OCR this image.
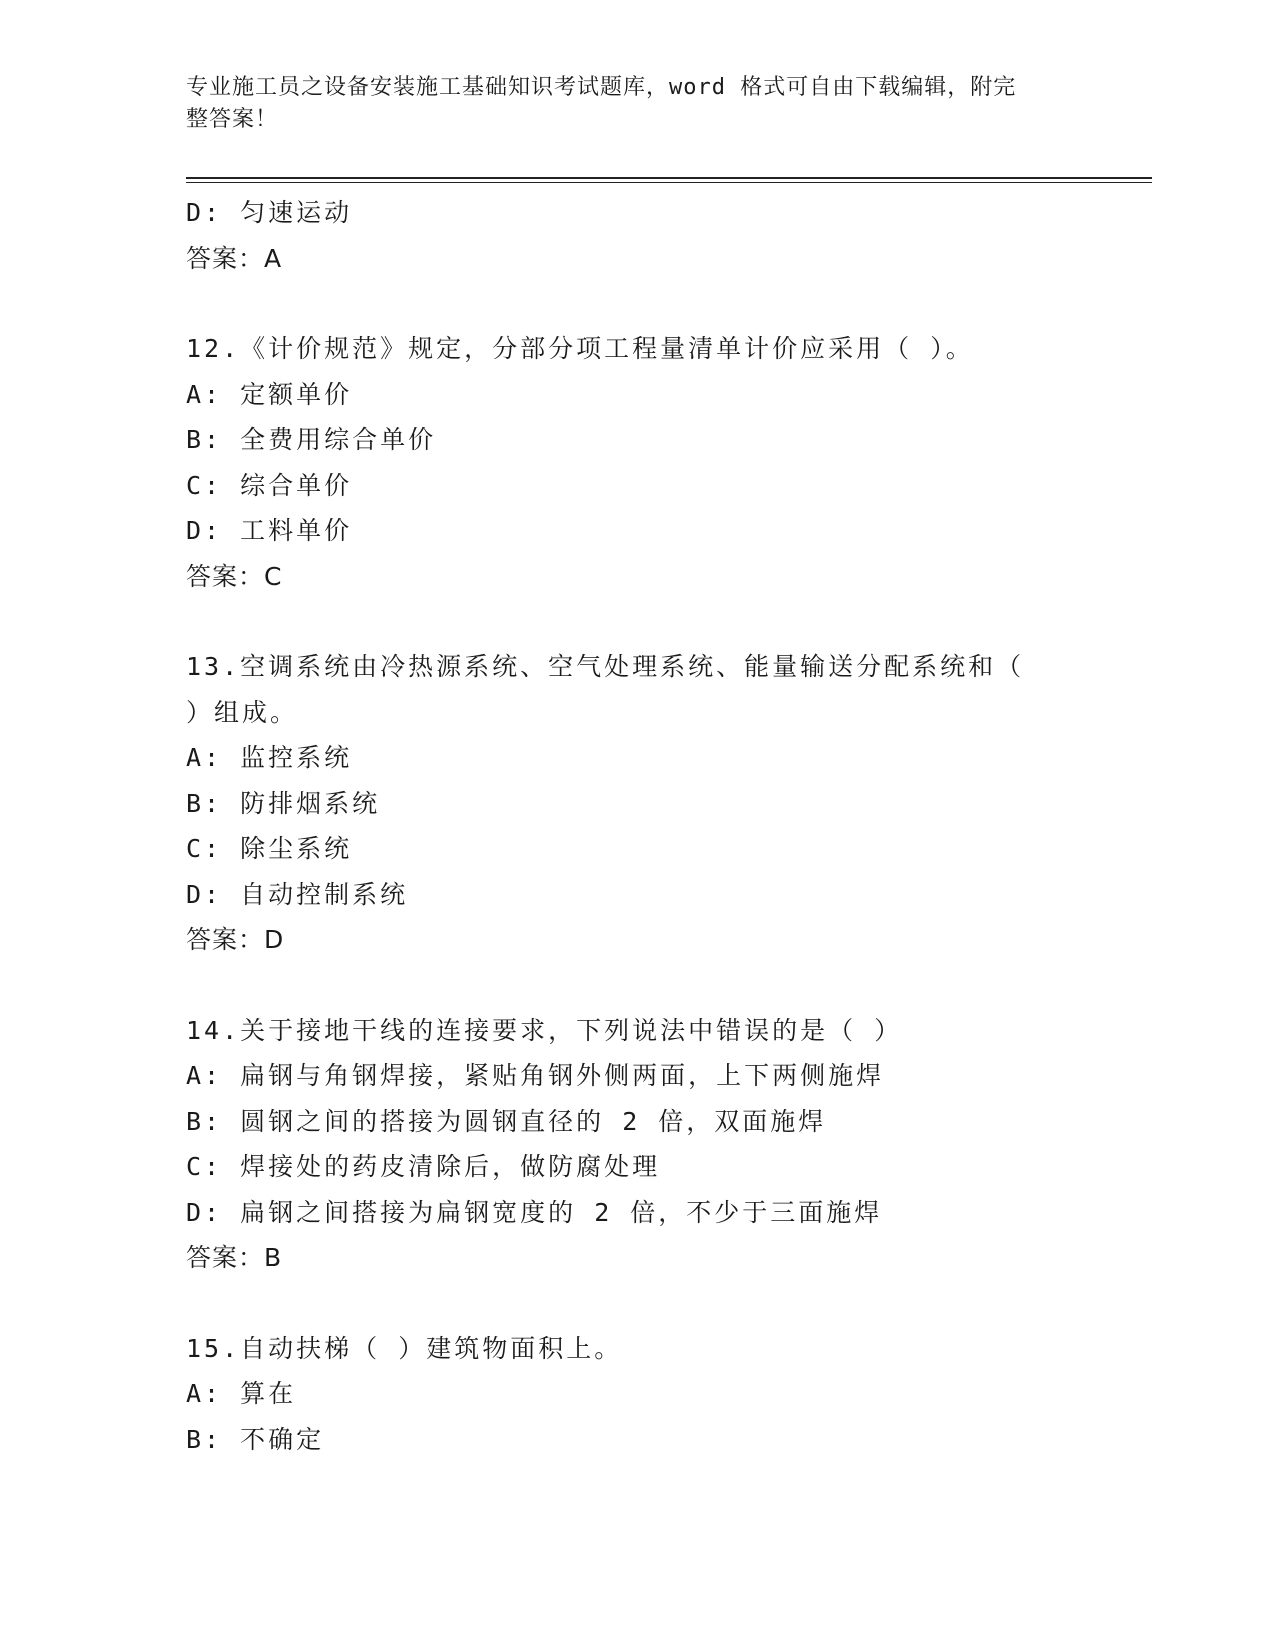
专业施工员之设备安装施工基础知识考试题库，word 格式可自由下载编辑，附完
整答案！
D: 匀速运动
答案：A
12.《计价规范》规定，分部分项工程量清单计价应采用（ ）。
A: 定额单价
B: 全费用综合单价
C: 综合单价
D: 工料单价
答案：C
13.空调系统由冷热源系统、空气处理系统、能量输送分配系统和（
）组成。
A: 监控系统
B: 防排烟系统
C: 除尘系统
D: 自动控制系统
答案：D
14.关于接地干线的连接要求，下列说法中错误的是（ ）
A: 扁钢与角钢焊接，紧贴角钢外侧两面，上下两侧施焊
B: 圆钢之间的搭接为圆钢直径的 2 倍，双面施焊
C: 焊接处的药皮清除后，做防腐处理
D: 扁钢之间搭接为扁钢宽度的 2 倍，不少于三面施焊
答案：B
15.自动扶梯（ ）建筑物面积上。
A: 算在
B: 不确定
